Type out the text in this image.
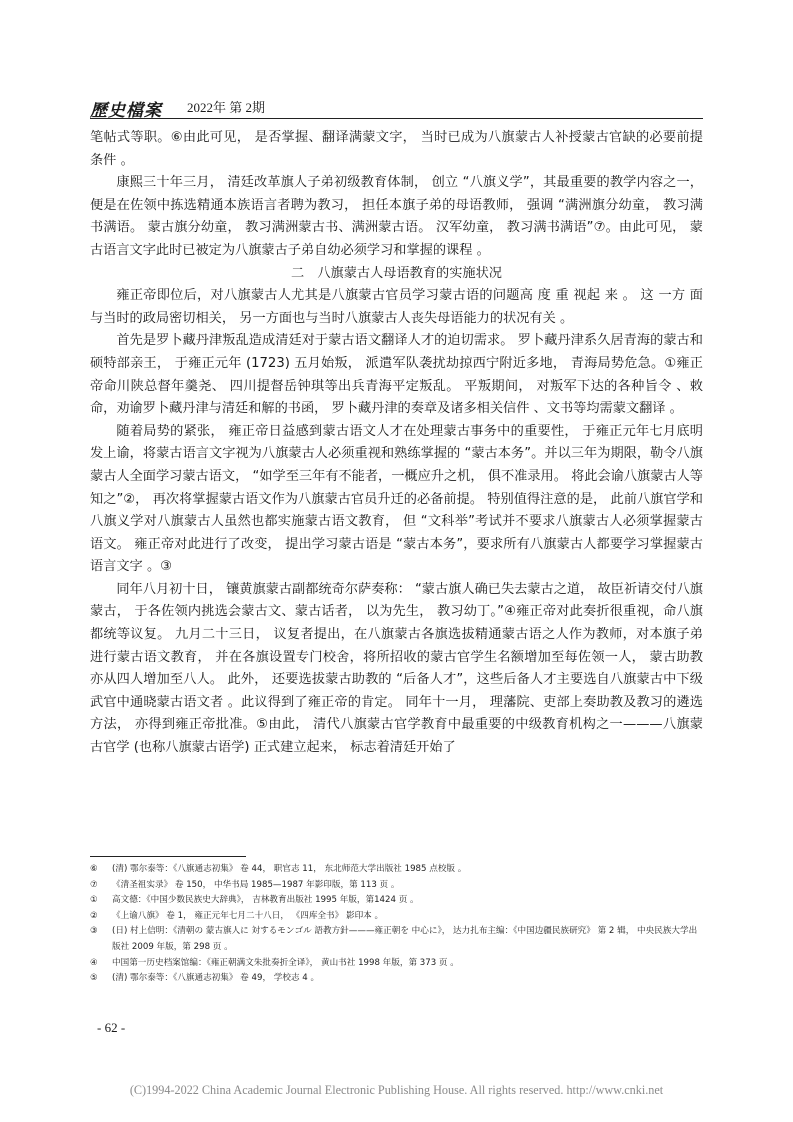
歷史檔案 2022年 第 2期

笔帖式等职。⑥由此可见， 是否掌握、翻译满蒙文字， 当时已成为八旗蒙古人补授蒙古官缺的必要前提条件 。

康熙三十年三月， 清廷改革旗人子弟初级教育体制， 创立 “八旗义学”，其最重要的教学内容之一， 便是在佐领中拣选精通本族语言者聘为教习， 担任本旗子弟的母语教师， 强调 “满洲旗分幼童， 教习满书满语。 蒙古旗分幼童， 教习满洲蒙古书、满洲蒙古语。 汉军幼童， 教习满书满语”⑦。由此可见， 蒙古语言文字此时已被定为八旗蒙古子弟自幼必须学习和掌握的课程 。

二　八旗蒙古人母语教育的实施状况

雍正帝即位后，对八旗蒙古人尤其是八旗蒙古官员学习蒙古语的问题高 度 重 视起 来 。 这 一方 面与当时的政局密切相关， 另一方面也与当时八旗蒙古人丧失母语能力的状况有关 。

首先是罗卜藏丹津叛乱造成清廷对于蒙古语文翻译人才的迫切需求。 罗卜藏丹津系久居青海的蒙古和硕特部亲王， 于雍正元年 (1723) 五月始叛， 派遣军队袭扰劫掠西宁附近多地， 青海局势危急。①雍正帝命川陕总督年羹尧、 四川提督岳钟琪等出兵青海平定叛乱。 平叛期间， 对叛军下达的各种旨令 、敕命，劝谕罗卜藏丹津与清廷和解的书函， 罗卜藏丹津的奏章及诸多相关信件 、文书等均需蒙文翻译 。

随着局势的紧张， 雍正帝日益感到蒙古语文人才在处理蒙古事务中的重要性， 于雍正元年七月底明发上谕，将蒙古语言文字视为八旗蒙古人必须重视和熟练掌握的 “蒙古本务”。并以三年为期限，勒令八旗蒙古人全面学习蒙古语文， “如学至三年有不能者，一概应升之机， 俱不准录用。 将此会谕八旗蒙古人等知之”②， 再次将掌握蒙古语文作为八旗蒙古官员升迁的必备前提。 特别值得注意的是， 此前八旗官学和八旗义学对八旗蒙古人虽然也都实施蒙古语文教育， 但 “文科举”考试并不要求八旗蒙古人必须掌握蒙古语文。 雍正帝对此进行了改变， 提出学习蒙古语是 “蒙古本务”，要求所有八旗蒙古人都要学习掌握蒙古语言文字 。③

同年八月初十日， 镶黄旗蒙古副都统奇尔萨奏称： “蒙古旗人确已失去蒙古之道， 故臣祈请交付八旗蒙古， 于各佐领内挑选会蒙古文、蒙古话者， 以为先生， 教习幼丁。”④雍正帝对此奏折很重视，命八旗都统等议复。 九月二十三日， 议复者提出，在八旗蒙古各旗选拔精通蒙古语之人作为教师，对本旗子弟进行蒙古语文教育， 并在各旗设置专门校舍，将所招收的蒙古官学生名额增加至每佐领一人， 蒙古助教亦从四人增加至八人。 此外， 还要选拔蒙古助教的 “后备人才”，这些后备人才主要选自八旗蒙古中下级武官中通晓蒙古语文者 。此议得到了雍正帝的肯定。 同年十一月， 理藩院、吏部上奏助教及教习的遴选方法， 亦得到雍正帝批准。⑤由此， 清代八旗蒙古官学教育中最重要的中级教育机构之一———八旗蒙古官学 (也称八旗蒙古语学) 正式建立起来， 标志着清廷开始了

⑥	(清) 鄂尔泰等：《八旗通志初集》 卷 44， 职官志 11， 东北师范大学出版社 1985 点校版 。
⑦	《清圣祖实录》 卷 150， 中华书局 1985—1987 年影印版，第 113 页 。
①	高文德：《中国少数民族史大辞典》， 吉林教育出版社 1995 年版，第1424 页 。
②	《上谕八旗》 卷 1， 雍正元年七月二十八日， 《四库全书》 影印本 。
③	(日) 村上信明：《清朝の 蒙古旗人に 対するモンゴル 語教方針———雍正朝を 中心に》， 达力扎布主编：《中国边疆民族研究》 第 2 辑， 中央民族大学出版社 2009 年版，第 298 页 。
④	中国第一历史档案馆编：《雍正朝满文朱批奏折全译》， 黄山书社 1998 年版，第 373 页 。
⑤	(清) 鄂尔泰等：《八旗通志初集》 卷 49， 学校志 4 。
- 62 -
(C)1994-2022 China Academic Journal Electronic Publishing House. All rights reserved. http://www.cnki.net
